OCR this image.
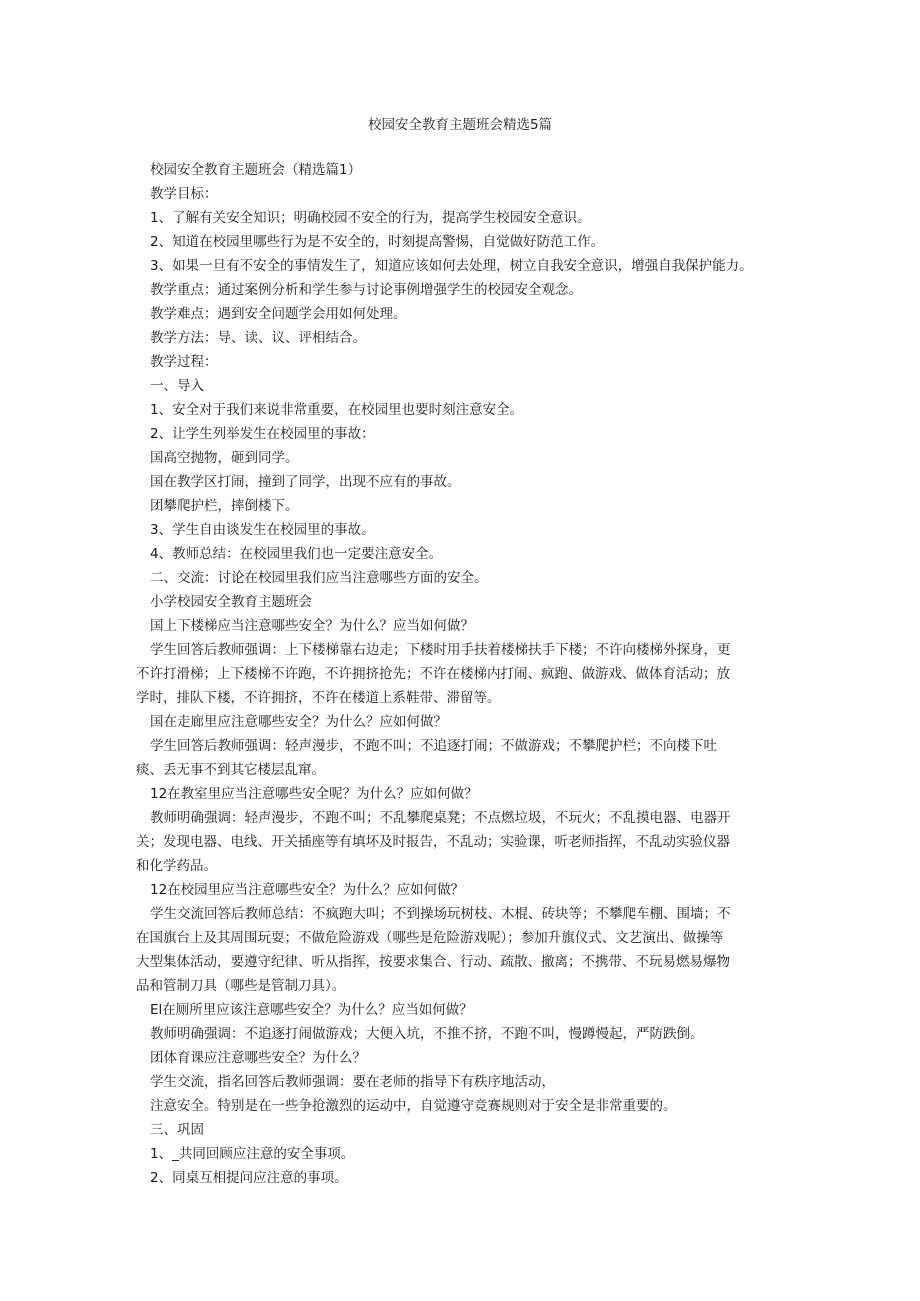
校园安全教育主题班会精选5篇
校园安全教育主题班会（精选篇1）
教学目标：
1、了解有关安全知识；明确校园不安全的行为，提高学生校园安全意识。
2、知道在校园里哪些行为是不安全的，时刻提高警惕，自觉做好防范工作。
3、如果一旦有不安全的事情发生了，知道应该如何去处理，树立自我安全意识，增强自我保护能力。
教学重点：通过案例分析和学生参与讨论事例增强学生的校园安全观念。
教学难点：遇到安全问题学会用如何处理。
教学方法：导、读、议、评相结合。
教学过程：
一、导入
1、安全对于我们来说非常重要，在校园里也要时刻注意安全。
2、让学生列举发生在校园里的事故：
国高空抛物，砸到同学。
国在教学区打闹，撞到了同学，出现不应有的事故。
团攀爬护栏，摔倒楼下。
3、学生自由谈发生在校园里的事故。
4、教师总结：在校园里我们也一定要注意安全。
二、交流：讨论在校园里我们应当注意哪些方面的安全。
小学校园安全教育主题班会
国上下楼梯应当注意哪些安全？为什么？应当如何做？
学生回答后教师强调：上下楼梯靠右边走；下楼时用手扶着楼梯扶手下楼；不许向楼梯外探身，更
不许打滑梯；上下楼梯不许跑，不许拥挤抢先；不许在楼梯内打闹、疯跑、做游戏、做体育活动；放
学时，排队下楼，不许拥挤，不许在楼道上系鞋带、滞留等。
国在走廊里应注意哪些安全？为什么？应如何做？
学生回答后教师强调：轻声漫步，不跑不叫；不追逐打闹；不做游戏；不攀爬护栏；不向楼下吐
痰、丢无事不到其它楼层乱窜。
12在教室里应当注意哪些安全呢？为什么？应如何做？
教师明确强调：轻声漫步，不跑不叫；不乱攀爬桌凳；不点燃垃圾，不玩火；不乱摸电器、电器开
关；发现电器、电线、开关插座等有填坏及时报告，不乱动；实验课，听老师指挥，不乱动实验仪器
和化学药品。
12在校园里应当注意哪些安全？为什么？应如何做？
学生交流回答后教师总结：不疯跑大叫；不到操场玩树枝、木棍、砖块等；不攀爬车棚、围墙；不
在国旗台上及其周围玩耍；不做危险游戏（哪些是危险游戏呢）；参加升旗仪式、文艺演出、做操等
大型集体活动，要遵守纪律、听从指挥，按要求集合、行动、疏散、撤离；不携带、不玩易燃易爆物
品和管制刀具（哪些是管制刀具）。
El在厕所里应该注意哪些安全？为什么？应当如何做？
教师明确强调：不追逐打闹做游戏；大便入坑，不推不挤，不跑不叫，慢蹲慢起，严防跌倒。
团体育课应注意哪些安全？为什么？
学生交流，指名回答后教师强调：要在老师的指导下有秩序地活动，
注意安全。特别是在一些争抢激烈的运动中，自觉遵守竞赛规则对于安全是非常重要的。
三、巩固
1、_共同回顾应注意的安全事项。
2、同桌互相提问应注意的事项。
